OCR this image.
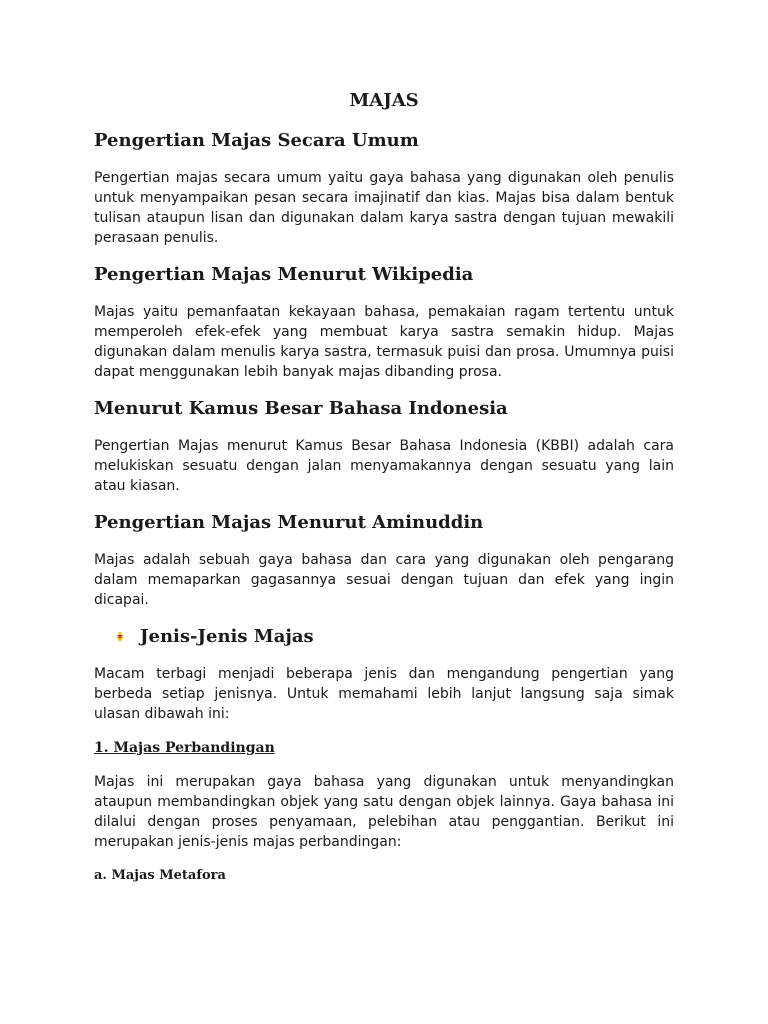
MAJAS
Pengertian Majas Secara Umum

Pengertian majas secara umum yaitu gaya bahasa yang digunakan oleh penulis untuk menyampaikan pesan secara imajinatif dan kias. Majas bisa dalam bentuk tulisan ataupun lisan dan digunakan dalam karya sastra dengan tujuan mewakili perasaan penulis.

Pengertian Majas Menurut Wikipedia

Majas yaitu pemanfaatan kekayaan bahasa, pemakaian ragam tertentu untuk memperoleh efek-efek yang membuat karya sastra semakin hidup. Majas digunakan dalam menulis karya sastra, termasuk puisi dan prosa. Umumnya puisi dapat menggunakan lebih banyak majas dibanding prosa.

Menurut Kamus Besar Bahasa Indonesia

Pengertian Majas menurut Kamus Besar Bahasa Indonesia (KBBI) adalah cara melukiskan sesuatu dengan jalan menyamakannya dengan sesuatu yang lain atau kiasan.

Pengertian Majas Menurut Aminuddin

Majas adalah sebuah gaya bahasa dan cara yang digunakan oleh pengarang dalam memaparkan gagasannya sesuai dengan tujuan dan efek yang ingin dicapai.

Jenis-Jenis Majas

Macam terbagi menjadi beberapa jenis dan mengandung pengertian yang berbeda setiap jenisnya. Untuk memahami lebih lanjut langsung saja simak ulasan dibawah ini:

1. Majas Perbandingan

Majas ini merupakan gaya bahasa yang digunakan untuk menyandingkan ataupun membandingkan objek yang satu dengan objek lainnya. Gaya bahasa ini dilalui dengan proses penyamaan, pelebihan atau penggantian. Berikut ini merupakan jenis-jenis majas perbandingan:

a. Majas Metafora
